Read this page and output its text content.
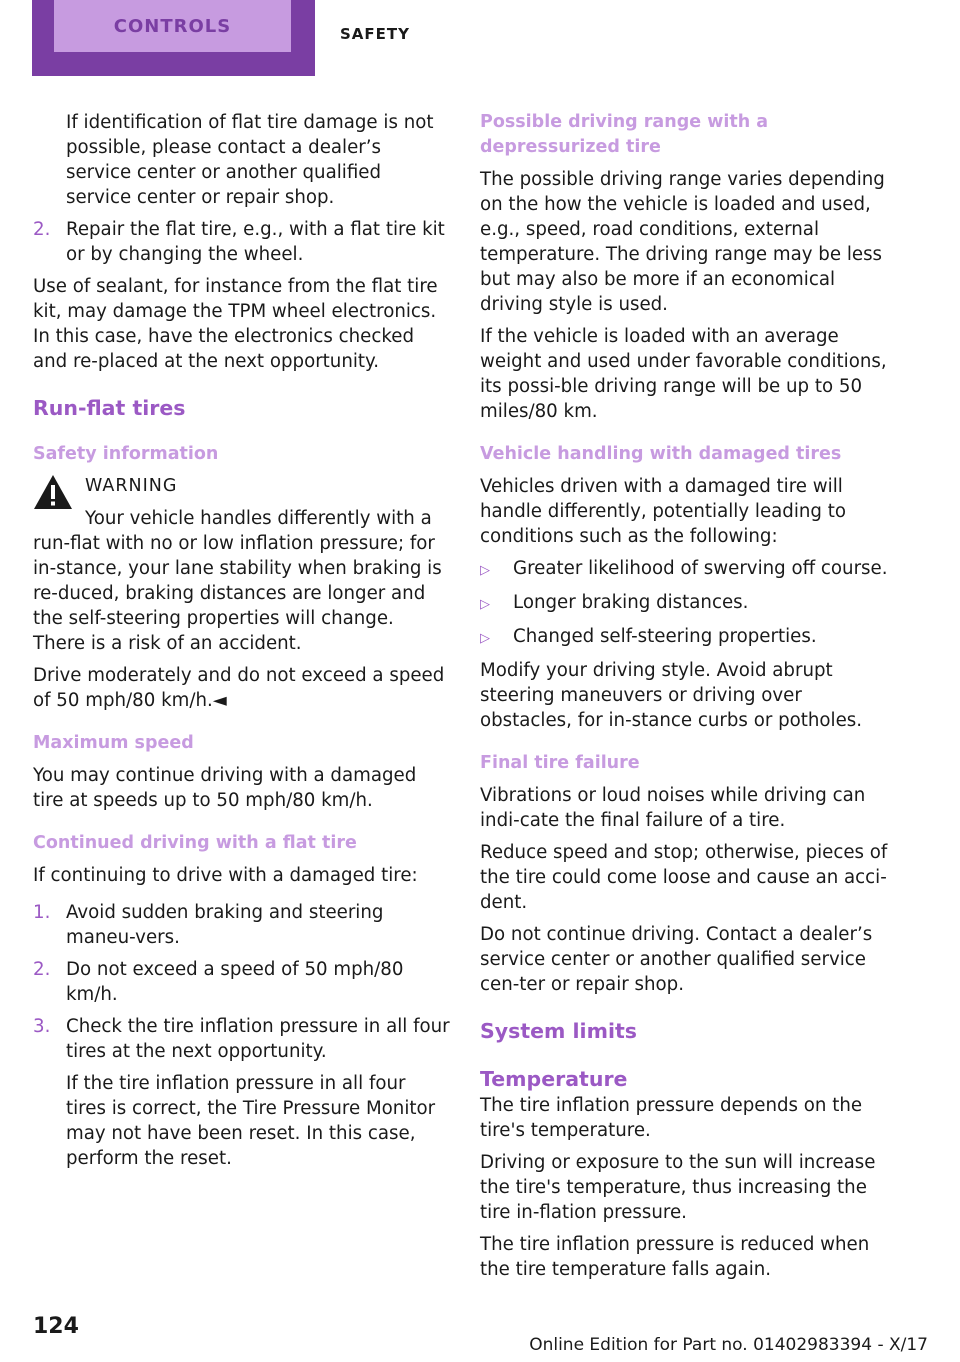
CONTROLS	SAFETY

If identification of flat tire damage is not possible, please contact a dealer’s service center or another qualified service center or repair shop.

2. Repair the flat tire, e.g., with a flat tire kit or by changing the wheel.

Use of sealant, for instance from the flat tire kit, may damage the TPM wheel electronics. In this case, have the electronics checked and re‐placed at the next opportunity.

Run-flat tires
Safety information

WARNING

Your vehicle handles differently with a
run-flat with no or low inflation pressure; for in‐stance, your lane stability when braking is re‐duced, braking distances are longer and the self-steering properties will change. There is a risk of an accident.

Drive moderately and do not exceed a speed of 50 mph/80 km/h.◄

Maximum speed

You may continue driving with a damaged tire at speeds up to 50 mph/80 km/h.

Continued driving with a flat tire

If continuing to drive with a damaged tire:

1. Avoid sudden braking and steering maneu‐vers.
2. Do not exceed a speed of 50 mph/80 km/h.
3. Check the tire inflation pressure in all four tires at the next opportunity.

If the tire inflation pressure in all four tires is correct, the Tire Pressure Monitor may not have been reset. In this case, perform the reset.

Possible driving range with a depressurized tire

The possible driving range varies depending on the how the vehicle is loaded and used, e.g., speed, road conditions, external temperature. The driving range may be less but may also be more if an economical driving style is used.

If the vehicle is loaded with an average weight and used under favorable conditions, its possi‐ble driving range will be up to 50 miles/80 km.

Vehicle handling with damaged tires

Vehicles driven with a damaged tire will handle differently, potentially leading to conditions such as the following:

▷	Greater likelihood of swerving off course.
▷	Longer braking distances.
▷	Changed self-steering properties.

Modify your driving style. Avoid abrupt steering maneuvers or driving over obstacles, for in‐stance curbs or potholes.

Final tire failure

Vibrations or loud noises while driving can indi‐cate the final failure of a tire.

Reduce speed and stop; otherwise, pieces of the tire could come loose and cause an acci‐dent.

Do not continue driving. Contact a dealer’s service center or another qualified service cen‐ter or repair shop.

System limits
Temperature

The tire inflation pressure depends on the tire's temperature.

Driving or exposure to the sun will increase the tire's temperature, thus increasing the tire in‐flation pressure.

The tire inflation pressure is reduced when the tire temperature falls again.

124
Online Edition for Part no. 01402983394 - X/17
